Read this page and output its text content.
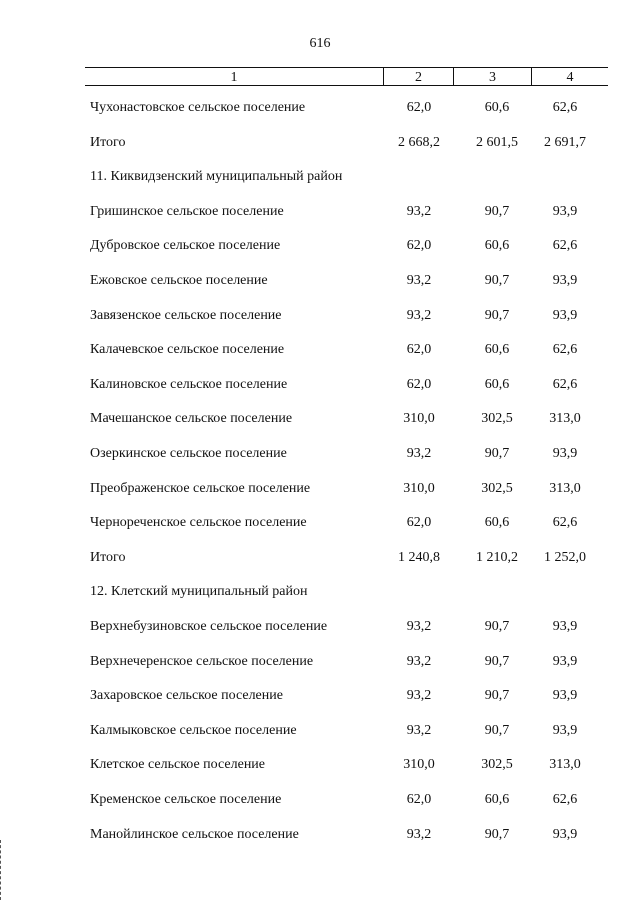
616
1	2	3	4
Чухонастовское сельское поселение	62,0	60,6	62,6
Итого	2 668,2	2 601,5	2 691,7
11. Киквидзенский муниципальный район
Гришинское сельское поселение	93,2	90,7	93,9
Дубровское сельское поселение	62,0	60,6	62,6
Ежовское сельское поселение	93,2	90,7	93,9
Завязенское сельское поселение	93,2	90,7	93,9
Калачевское сельское поселение	62,0	60,6	62,6
Калиновское сельское поселение	62,0	60,6	62,6
Мачешанское сельское поселение	310,0	302,5	313,0
Озеркинское сельское поселение	93,2	90,7	93,9
Преображенское сельское поселение	310,0	302,5	313,0
Чернореченское сельское поселение	62,0	60,6	62,6
Итого	1 240,8	1 210,2	1 252,0
12. Клетский муниципальный район
Верхнебузиновское сельское поселение	93,2	90,7	93,9
Верхнечеренское сельское поселение	93,2	90,7	93,9
Захаровское сельское поселение	93,2	90,7	93,9
Калмыковское сельское поселение	93,2	90,7	93,9
Клетское сельское поселение	310,0	302,5	313,0
Кременское сельское поселение	62,0	60,6	62,6
Манойлинское сельское поселение	93,2	90,7	93,9
